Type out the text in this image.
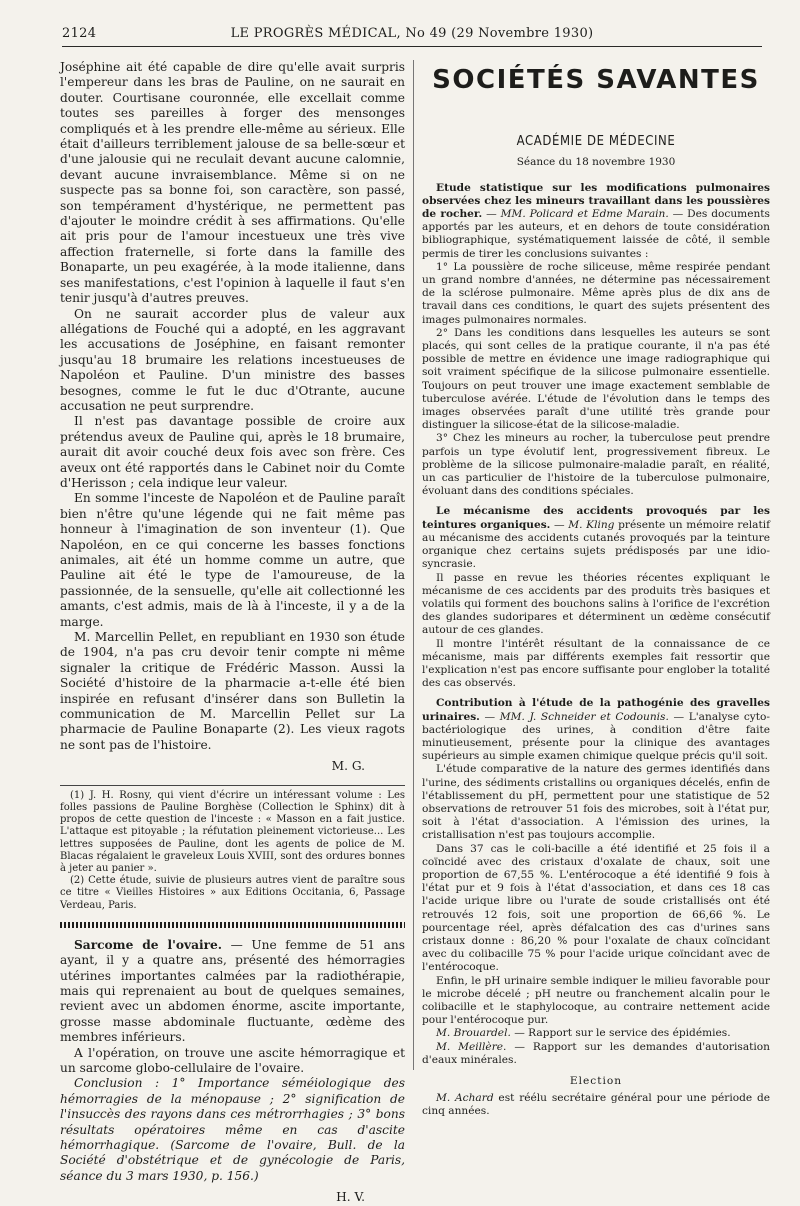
2124	LE PROGRÈS MÉDICAL, No 49 (29 Novembre 1930)

Joséphine ait été capable de dire qu'elle avait surpris l'empereur dans les bras de Pauline, on ne saurait en douter. Courtisane couronnée, elle excellait comme toutes ses pareilles à forger des mensonges compliqués et à les prendre elle-même au sérieux. Elle était d'ailleurs terriblement jalouse de sa belle-sœur et d'une jalousie qui ne reculait devant aucune calomnie, devant aucune invraisemblance. Même si on ne suspecte pas sa bonne foi, son caractère, son passé, son tempérament d'hystérique, ne permettent pas d'ajouter le moindre crédit à ses affirmations. Qu'elle ait pris pour de l'amour incestueux une très vive affection fraternelle, si forte dans la famille des Bonaparte, un peu exagérée, à la mode italienne, dans ses manifestations, c'est l'opinion à laquelle il faut s'en tenir jusqu'à d'autres preuves.

On ne saurait accorder plus de valeur aux allégations de Fouché qui a adopté, en les aggravant les accusations de Joséphine, en faisant remonter jusqu'au 18 brumaire les relations incestueuses de Napoléon et Pauline. D'un ministre des basses besognes, comme le fut le duc d'Otrante, aucune accusation ne peut surprendre.

Il n'est pas davantage possible de croire aux prétendus aveux de Pauline qui, après le 18 brumaire, aurait dit avoir couché deux fois avec son frère. Ces aveux ont été rapportés dans le Cabinet noir du Comte d'Herisson ; cela indique leur valeur.

En somme l'inceste de Napoléon et de Pauline paraît bien n'être qu'une légende qui ne fait même pas honneur à l'imagination de son inventeur (1). Que Napoléon, en ce qui concerne les basses fonctions animales, ait été un homme comme un autre, que Pauline ait été le type de l'amoureuse, de la passionnée, de la sensuelle, qu'elle ait collectionné les amants, c'est admis, mais de là à l'inceste, il y a de la marge.

M. Marcellin Pellet, en republiant en 1930 son étude de 1904, n'a pas cru devoir tenir compte ni même signaler la critique de Frédéric Masson. Aussi la Société d'histoire de la pharmacie a-t-elle été bien inspirée en refusant d'insérer dans son Bulletin la communication de M. Marcellin Pellet sur La pharmacie de Pauline Bonaparte (2). Les vieux ragots ne sont pas de l'histoire.

M. G.

(1) J. H. Rosny, qui vient d'écrire un intéressant volume : Les folles passions de Pauline Borghèse (Collection le Sphinx) dit à propos de cette question de l'inceste : « Masson en a fait justice. L'attaque est pitoyable ; la réfutation pleinement victorieuse... Les lettres supposées de Pauline, dont les agents de police de M. Blacas régalaient le graveleux Louis XVIII, sont des ordures bonnes à jeter au panier ».

(2) Cette étude, suivie de plusieurs autres vient de paraître sous ce titre « Vieilles Histoires » aux Editions Occitania, 6, Passage Verdeau, Paris.

Sarcome de l'ovaire. — Une femme de 51 ans ayant, il y a quatre ans, présenté des hémorragies utérines importantes calmées par la radiothérapie, mais qui reprenaient au bout de quelques semaines, revient avec un abdomen énorme, ascite importante, grosse masse abdominale fluctuante, œdème des membres inférieurs.

A l'opération, on trouve une ascite hémorragique et un sarcome globo-cellulaire de l'ovaire.

Conclusion : 1° Importance séméiologique des hémorragies de la ménopause ; 2° signification de l'insuccès des rayons dans ces métrorrhagies ; 3° bons résultats opératoires même en cas d'ascite hémorrhagique. (Sarcome de l'ovaire, Bull. de la Société d'obstétrique et de gynécologie de Paris, séance du 3 mars 1930, p. 156.)

H. V.
SOCIÉTÉS SAVANTES
ACADÉMIE DE MÉDECINE
Séance du 18 novembre 1930

Etude statistique sur les modifications pulmonaires observées chez les mineurs travaillant dans les poussières de rocher. — MM. Policard et Edme Marain. — Des documents apportés par les auteurs, et en dehors de toute considération bibliographique, systématiquement laissée de côté, il semble permis de tirer les conclusions suivantes :

1° La poussière de roche siliceuse, même respirée pendant un grand nombre d'années, ne détermine pas nécessairement de la sclérose pulmonaire. Même après plus de dix ans de travail dans ces conditions, le quart des sujets présentent des images pulmonaires normales.

2° Dans les conditions dans lesquelles les auteurs se sont placés, qui sont celles de la pratique courante, il n'a pas été possible de mettre en évidence une image radiographique qui soit vraiment spécifique de la silicose pulmonaire essentielle. Toujours on peut trouver une image exactement semblable de tuberculose avérée. L'étude de l'évolution dans le temps des images observées paraît d'une utilité très grande pour distinguer la silicose-état de la silicose-maladie.

3° Chez les mineurs au rocher, la tuberculose peut prendre parfois un type évolutif lent, progressivement fibreux. Le problème de la silicose pulmonaire-maladie paraît, en réalité, un cas particulier de l'histoire de la tuberculose pulmonaire, évoluant dans des conditions spéciales.

Le mécanisme des accidents provoqués par les teintures organiques. — M. Kling présente un mémoire relatif au mécanisme des accidents cutanés provoqués par la teinture organique chez certains sujets prédisposés par une idio-syncrasie.

Il passe en revue les théories récentes expliquant le mécanisme de ces accidents par des produits très basiques et volatils qui forment des bouchons salins à l'orifice de l'excrétion des glandes sudoripares et déterminent un œdème consécutif autour de ces glandes.

Il montre l'intérêt résultant de la connaissance de ce mécanisme, mais par différents exemples fait ressortir que l'explication n'est pas encore suffisante pour englober la totalité des cas observés.

Contribution à l'étude de la pathogénie des gravelles urinaires. — MM. J. Schneider et Codounis. — L'analyse cyto-bactériologique des urines, à condition d'être faite minutieusement, présente pour la clinique des avantages supérieurs au simple examen chimique quelque précis qu'il soit.

L'étude comparative de la nature des germes identifiés dans l'urine, des sédiments cristallins ou organiques décelés, enfin de l'établissement du pH, permettent pour une statistique de 52 observations de retrouver 51 fois des microbes, soit à l'état pur, soit à l'état d'association. A l'émission des urines, la cristallisation n'est pas toujours accomplie.

Dans 37 cas le coli-bacille a été identifié et 25 fois il a coïncidé avec des cristaux d'oxalate de chaux, soit une proportion de 67,55 %. L'entérocoque a été identifié 9 fois à l'état pur et 9 fois à l'état d'association, et dans ces 18 cas l'acide urique libre ou l'urate de soude cristallisés ont été retrouvés 12 fois, soit une proportion de 66,66 %. Le pourcentage réel, après défalcation des cas d'urines sans cristaux donne : 86,20 % pour l'oxalate de chaux coïncidant avec du colibacille 75 % pour l'acide urique coïncidant avec de l'entérocoque.

Enfin, le pH urinaire semble indiquer le milieu favorable pour le microbe décelé ; pH neutre ou franchement alcalin pour le colibacille et le staphylocoque, au contraire nettement acide pour l'entérocoque pur.

M. Brouardel. — Rapport sur le service des épidémies.

M. Meillère. — Rapport sur les demandes d'autorisation d'eaux minérales.

Election

M. Achard est réélu secrétaire général pour une période de cinq années.
